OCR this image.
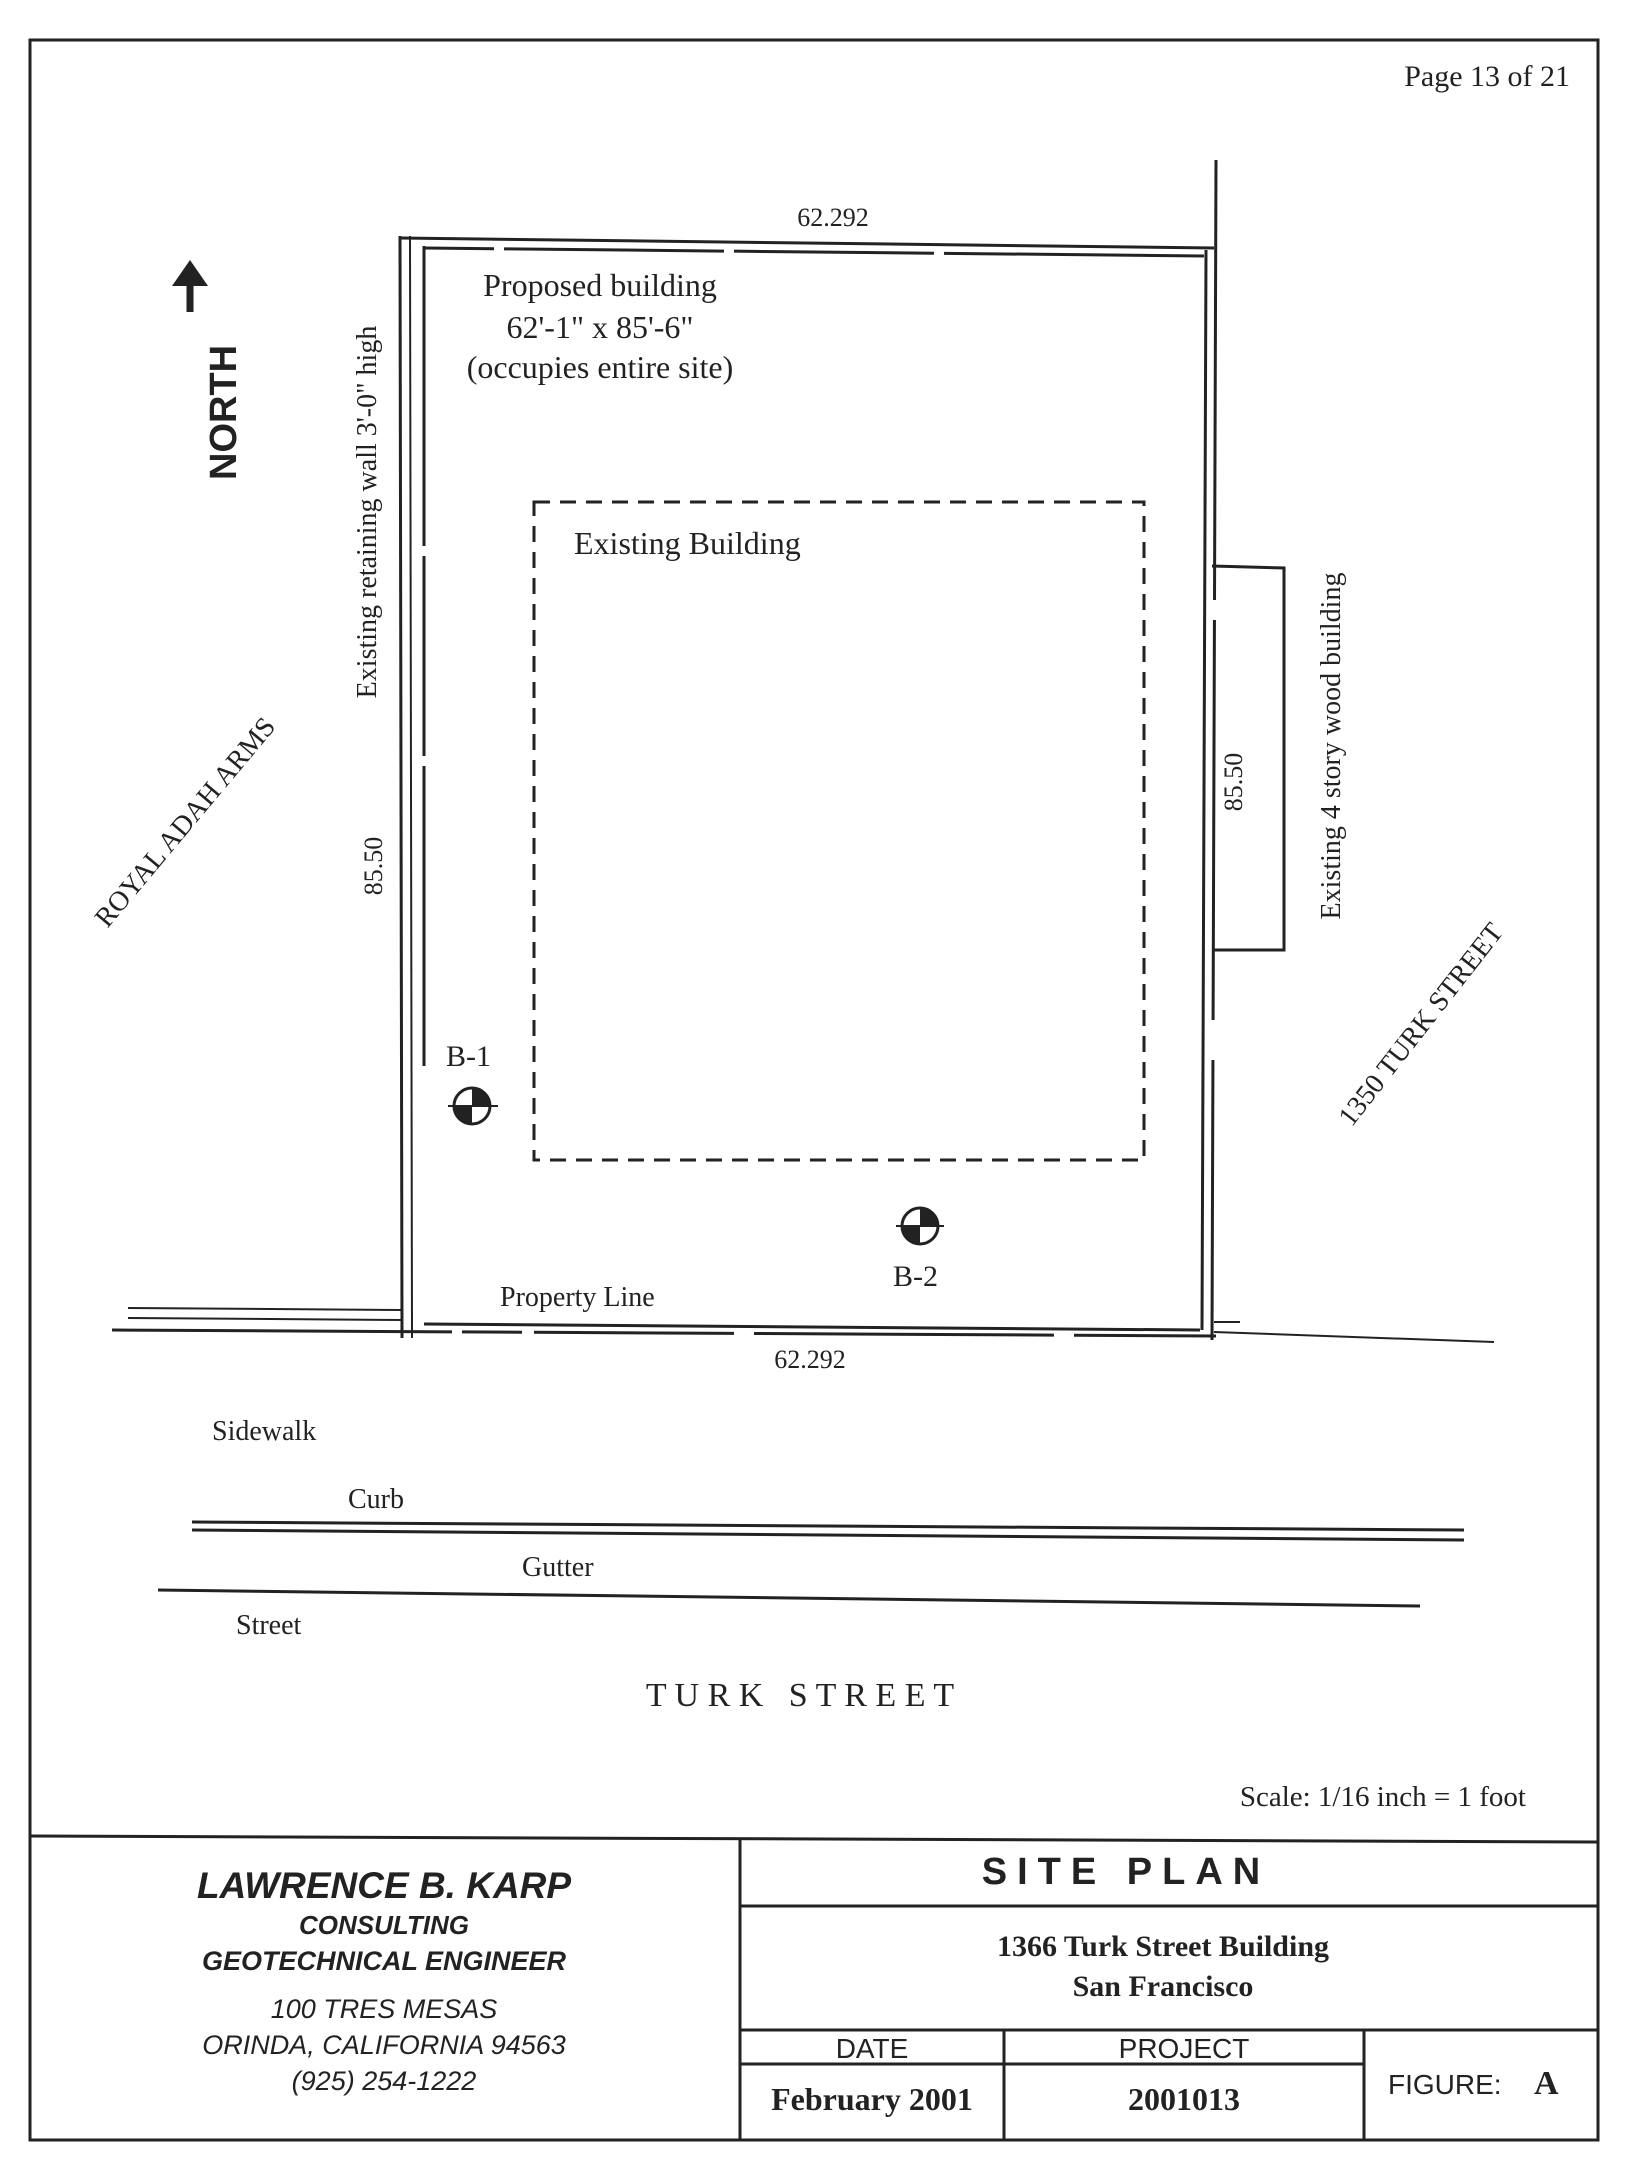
Page 13 of 21
NORTH
62.292
62.292
85.50
85.50
Proposed building
62'-1" x 85'-6"
(occupies entire site)
Existing Building
Existing retaining wall 3'-0" high
Existing 4 story wood building
ROYAL ADAH ARMS
1350 TURK STREET
Property Line
B-1
B-2
Sidewalk
Curb
Gutter
Street
T U R K   S T R E E T
Scale: 1/16 inch = 1 foot
LAWRENCE B. KARP
CONSULTING
GEOTECHNICAL ENGINEER
100 TRES MESAS
ORINDA, CALIFORNIA 94563
(925) 254-1222
SITE PLAN
1366 Turk Street Building
San Francisco
DATE
February 2001
PROJECT
2001013	FIGURE: A
